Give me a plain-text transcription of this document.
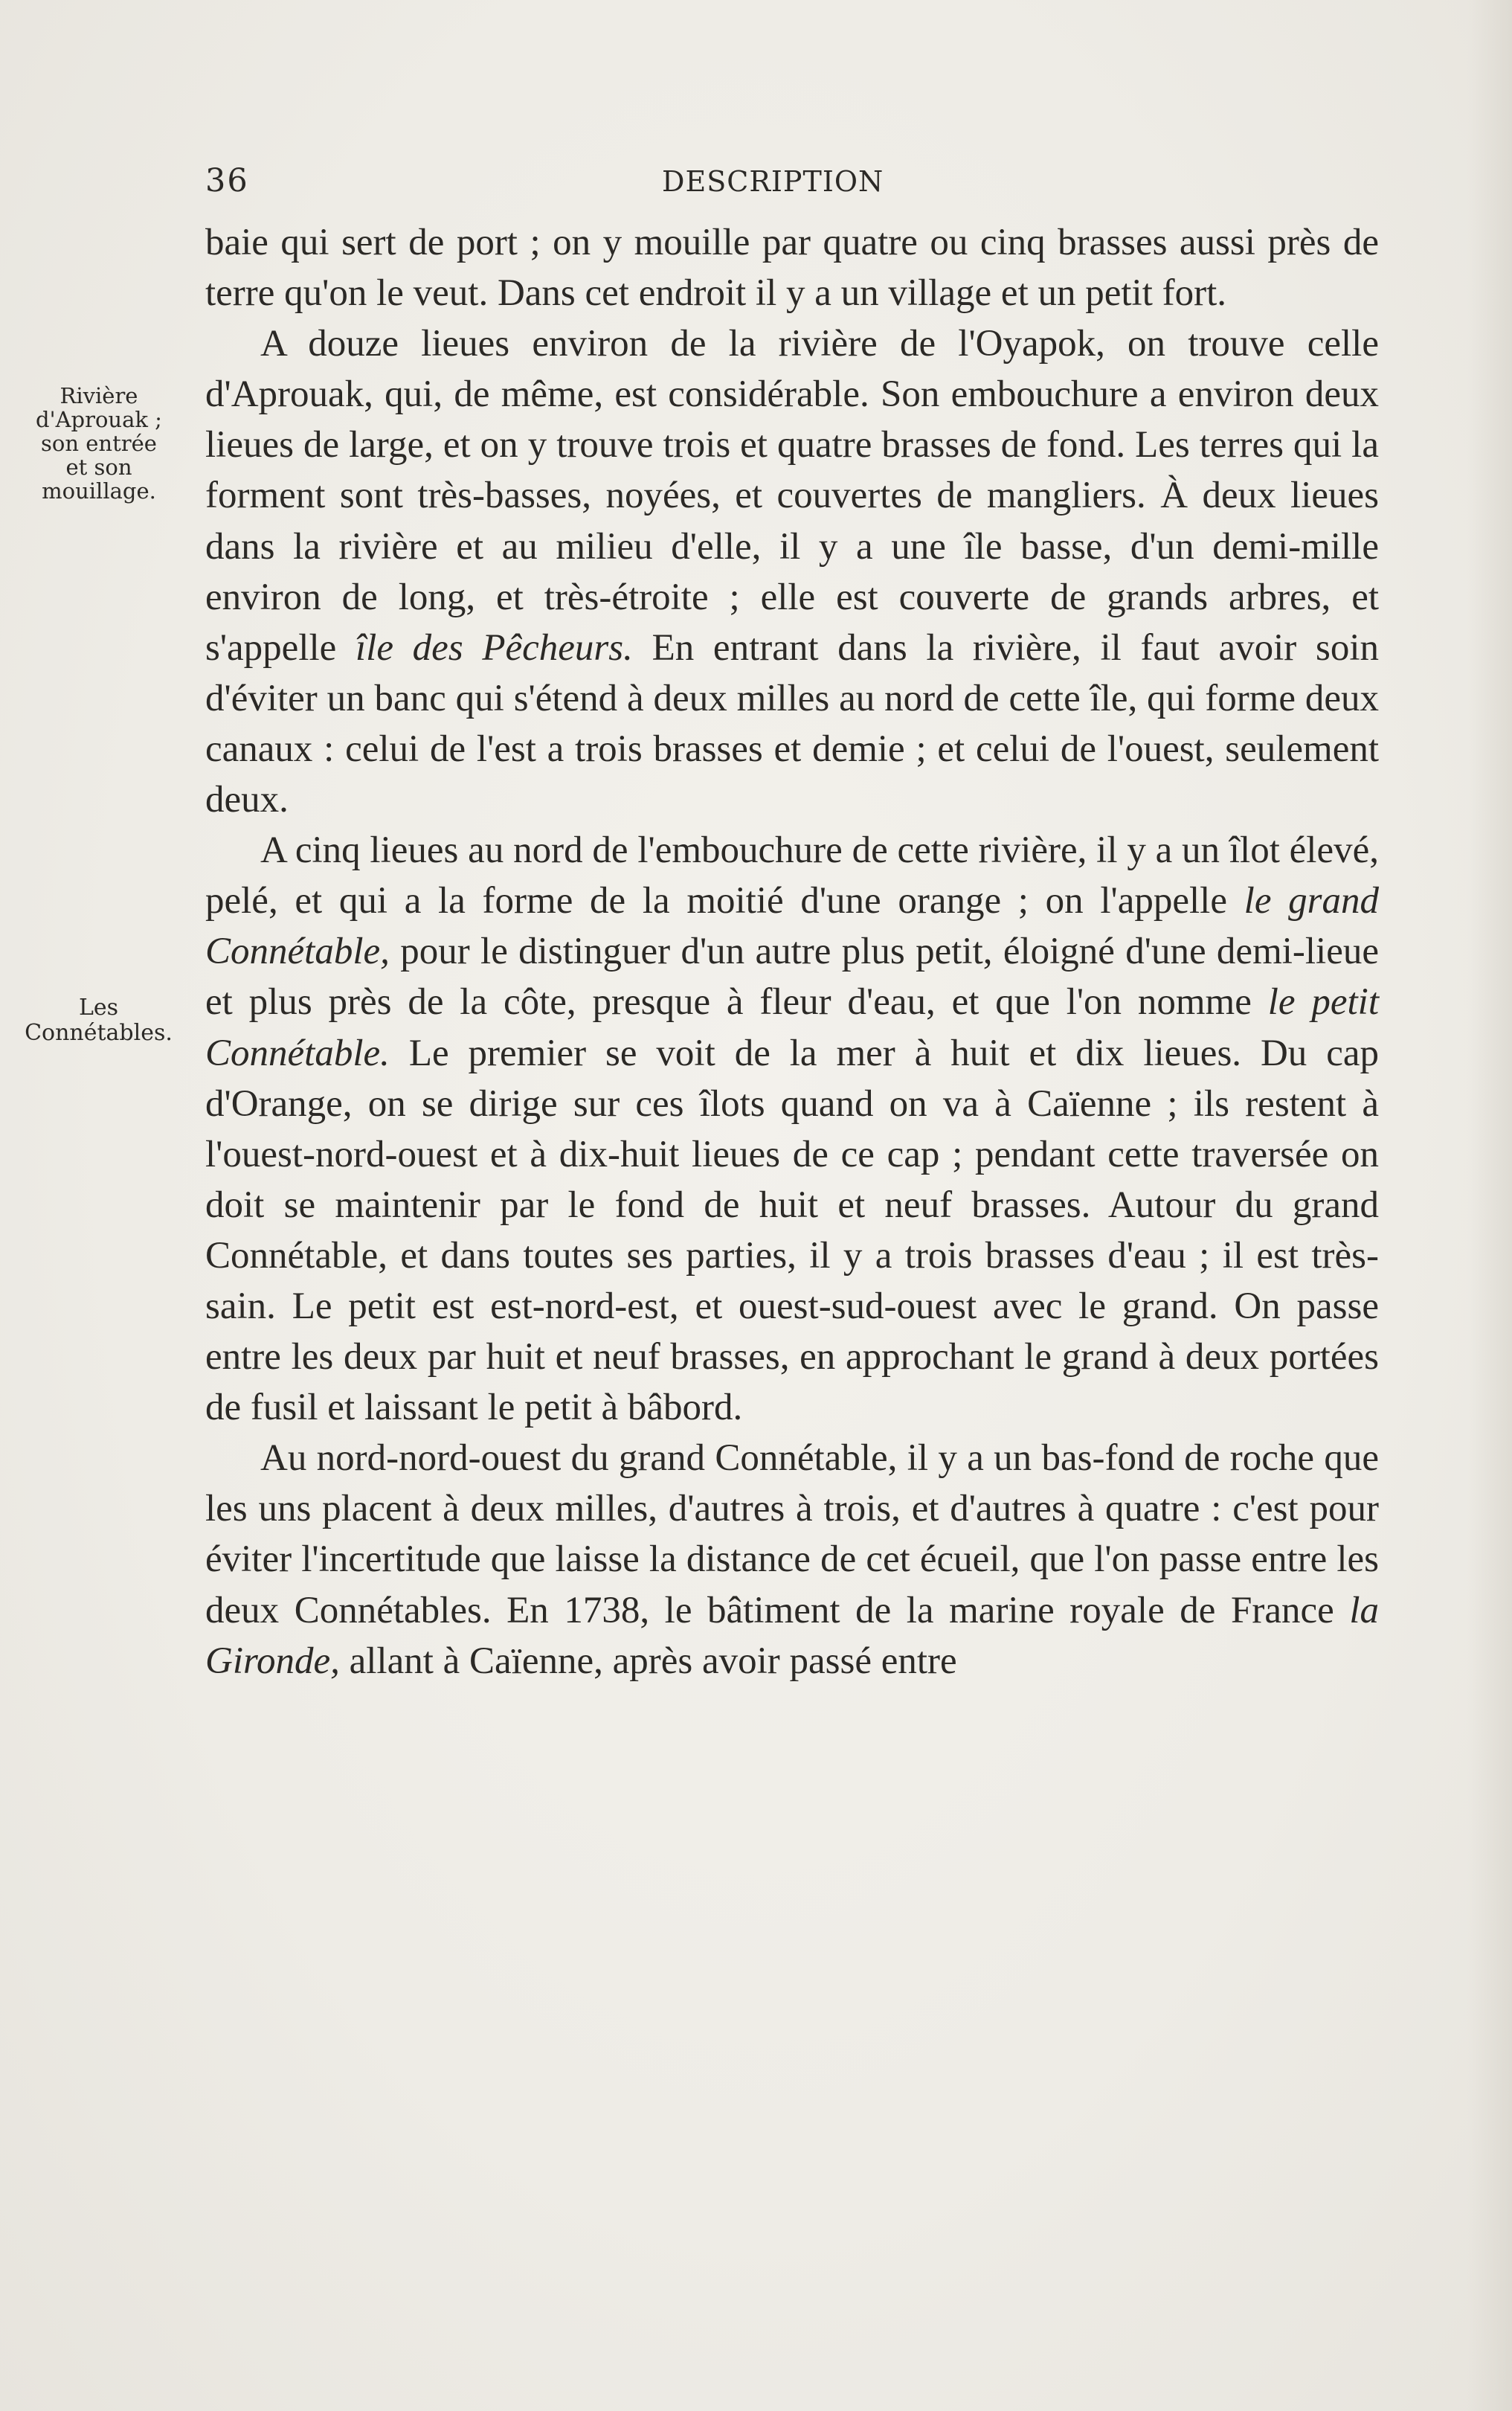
36	DESCRIPTION
Rivière
d'Aprouak ;
son entrée
et son
mouillage.
Les
Connétables.

baie qui sert de port ; on y mouille par quatre ou cinq brasses aussi près de terre qu'on le veut. Dans cet endroit il y a un village et un petit fort.

A douze lieues environ de la rivière de l'Oyapok, on trouve celle d'Aprouak, qui, de même, est considérable. Son embouchure a environ deux lieues de large, et on y trouve trois et quatre brasses de fond. Les terres qui la forment sont très-basses, noyées, et couvertes de mangliers. À deux lieues dans la rivière et au milieu d'elle, il y a une île basse, d'un demi-mille environ de long, et très-étroite ; elle est couverte de grands arbres, et s'appelle île des Pêcheurs. En entrant dans la rivière, il faut avoir soin d'éviter un banc qui s'étend à deux milles au nord de cette île, qui forme deux canaux : celui de l'est a trois brasses et demie ; et celui de l'ouest, seulement deux.

A cinq lieues au nord de l'embouchure de cette rivière, il y a un îlot élevé, pelé, et qui a la forme de la moitié d'une orange ; on l'appelle le grand Connétable, pour le distinguer d'un autre plus petit, éloigné d'une demi-lieue et plus près de la côte, presque à fleur d'eau, et que l'on nomme le petit Connétable. Le premier se voit de la mer à huit et dix lieues. Du cap d'Orange, on se dirige sur ces îlots quand on va à Caïenne ; ils restent à l'ouest-nord-ouest et à dix-huit lieues de ce cap ; pendant cette traversée on doit se maintenir par le fond de huit et neuf brasses. Autour du grand Connétable, et dans toutes ses parties, il y a trois brasses d'eau ; il est très-sain. Le petit est est-nord-est, et ouest-sud-ouest avec le grand. On passe entre les deux par huit et neuf brasses, en approchant le grand à deux portées de fusil et laissant le petit à bâbord.

Au nord-nord-ouest du grand Connétable, il y a un bas-fond de roche que les uns placent à deux milles, d'autres à trois, et d'autres à quatre : c'est pour éviter l'incertitude que laisse la distance de cet écueil, que l'on passe entre les deux Connétables. En 1738, le bâtiment de la marine royale de France la Gironde, allant à Caïenne, après avoir passé entre
